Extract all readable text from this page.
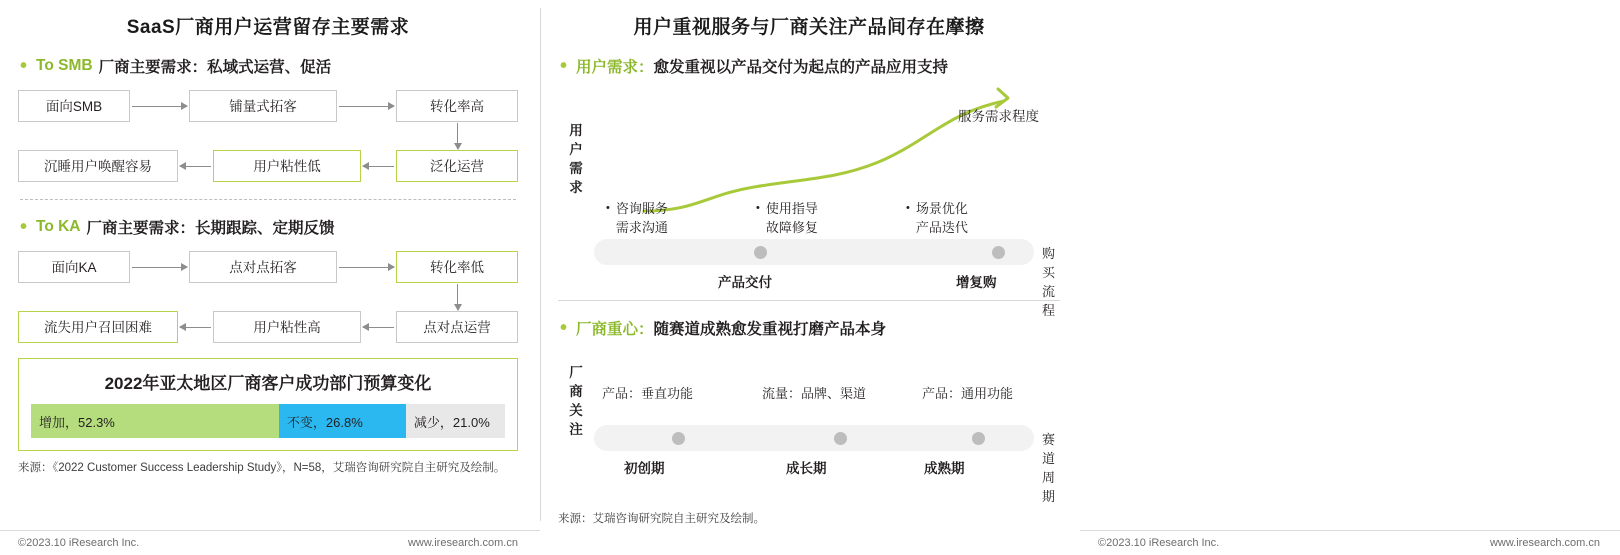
SaaS厂商用户运营留存主要需求
• To SMB 厂商主要需求：私域式运营、促活
面向SMB	铺量式拓客	转化率高
沉睡用户唤醒容易	用户粘性低	泛化运营
• To KA 厂商主要需求：长期跟踪、定期反馈
面向KA	点对点拓客	转化率低
流失用户召回困难	用户粘性高	点对点运营
2022年亚太地区厂商客户成功部门预算变化
增加，52.3%	不变，26.8%	减少，21.0%
来源：《2022 Customer Success Leadership Study》，N=58，艾瑞咨询研究院自主研究及绘制。
©2023.10 iResearch Inc.	www.iresearch.com.cn
用户重视服务与厂商关注产品间存在摩擦
• 用户需求： 愈发重视以产品交付为起点的产品应用支持
用
户
需
求
服务需求程度
• 咨询服务
需求沟通
• 使用指导
故障修复
• 场景优化
产品迭代
购买流程
产品交付	增复购
• 厂商重心： 随赛道成熟愈发重视打磨产品本身
厂
商
关
注
产品：垂直功能	流量：品牌、渠道	产品：通用功能
赛道周期
初创期	成长期	成熟期
来源：艾瑞咨询研究院自主研究及绘制。
©2023.10 iResearch Inc.	www.iresearch.com.cn
